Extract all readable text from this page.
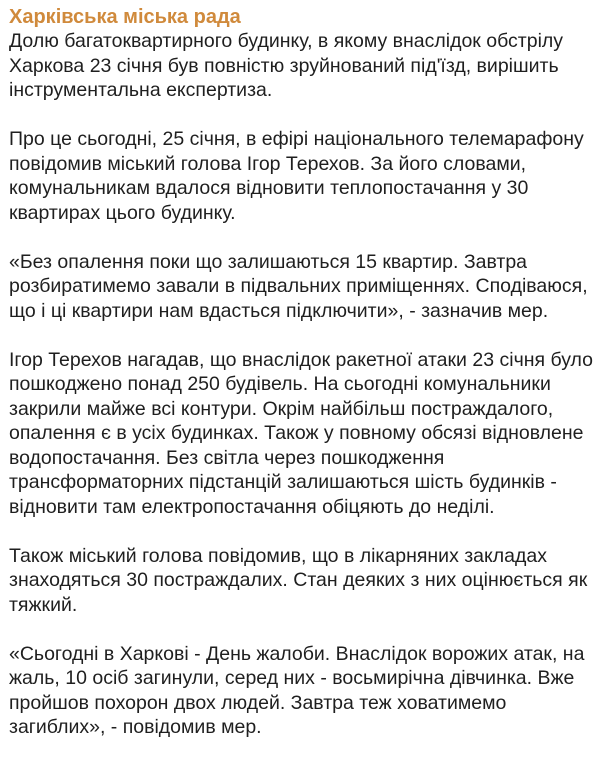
Харківська міська рада

Долю багатоквартирного будинку, в якому внаслідок обстрілу Харкова 23 січня був повністю зруйнований під'їзд, вирішить інструментальна експертиза.

Про це сьогодні, 25 січня, в ефірі національного телемарафону повідомив міський голова Ігор Терехов. За його словами, комунальникам вдалося відновити теплопостачання у 30 квартирах цього будинку.

«Без опалення поки що залишаються 15 квартир. Завтра розбиратимемо завали в підвальних приміщеннях. Сподіваюся, що і ці квартири нам вдасться підключити», - зазначив мер.

Ігор Терехов нагадав, що внаслідок ракетної атаки 23 січня було пошкоджено понад 250 будівель. На сьогодні комунальники закрили майже всі контури. Окрім найбільш постраждалого, опалення є в усіх будинках. Також у повному обсязі відновлене водопостачання. Без світла через пошкодження трансформаторних підстанцій залишаються шість будинків - відновити там електропостачання обіцяють до неділі.

Також міський голова повідомив, що в лікарняних закладах знаходяться 30 постраждалих. Стан деяких з них оцінюється як тяжкий.

«Сьогодні в Харкові - День жалоби. Внаслідок ворожих атак, на жаль, 10 осіб загинули, серед них - восьмирічна дівчинка. Вже пройшов похорон двох людей. Завтра теж ховатимемо загиблих», - повідомив мер.
